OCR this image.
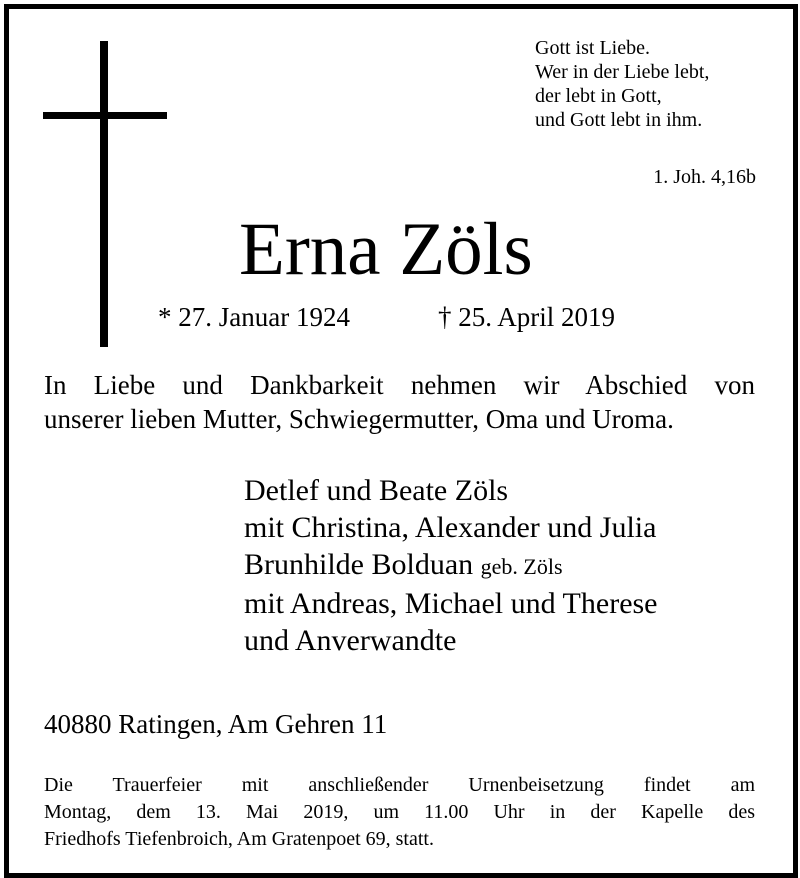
Gott ist Liebe.
Wer in der Liebe lebt,
der lebt in Gott,
und Gott lebt in ihm.
1. Joh. 4,16b
Erna Zöls
* 27. Januar 1924	† 25. April 2019
In Liebe und Dankbarkeit nehmen wir Abschied von
unserer lieben Mutter, Schwiegermutter, Oma und Uroma.
Detlef und Beate Zöls
mit Christina, Alexander und Julia
Brunhilde Bolduan geb. Zöls
mit Andreas, Michael und Therese
und Anverwandte
40880 Ratingen, Am Gehren 11
Die Trauerfeier mit anschließender Urnenbeisetzung findet am
Montag, dem 13. Mai 2019, um 11.00 Uhr in der Kapelle des
Friedhofs Tiefenbroich, Am Gratenpoet 69, statt.
